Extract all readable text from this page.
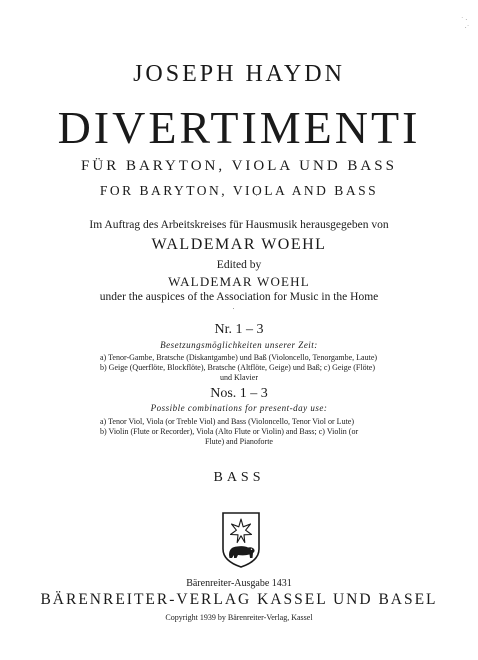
˙ ·
·˙
JOSEPH HAYDN
DIVERTIMENTI
FÜR BARYTON, VIOLA UND BASS
FOR BARYTON, VIOLA AND BASS
Im Auftrag des Arbeitskreises für Hausmusik herausgegeben von
WALDEMAR WOEHL
Edited by
WALDEMAR WOEHL
under the auspices of the Association for Music in the Home
Nr. 1 – 3
Besetzungsmöglichkeiten unserer Zeit:
a) Tenor-Gambe, Bratsche (Diskantgambe) und Baß (Violoncello, Tenorgambe, Laute)
b) Geige (Querflöte, Blockflöte), Bratsche (Altflöte, Geige) und Baß; c) Geige (Flöte)
und Klavier
Nos. 1 – 3
Possible combinations for present-day use:
a) Tenor Viol, Viola (or Treble Viol) and Bass (Violoncello, Tenor Viol or Lute)
b) Violin (Flute or Recorder), Viola (Alto Flute or Violin) and Bass; c) Violin (or
Flute) and Pianoforte
BASS
Bärenreiter-Ausgabe 1431
BÄRENREITER-VERLAG KASSEL UND BASEL
Copyright 1939 by Bärenreiter-Verlag, Kassel
